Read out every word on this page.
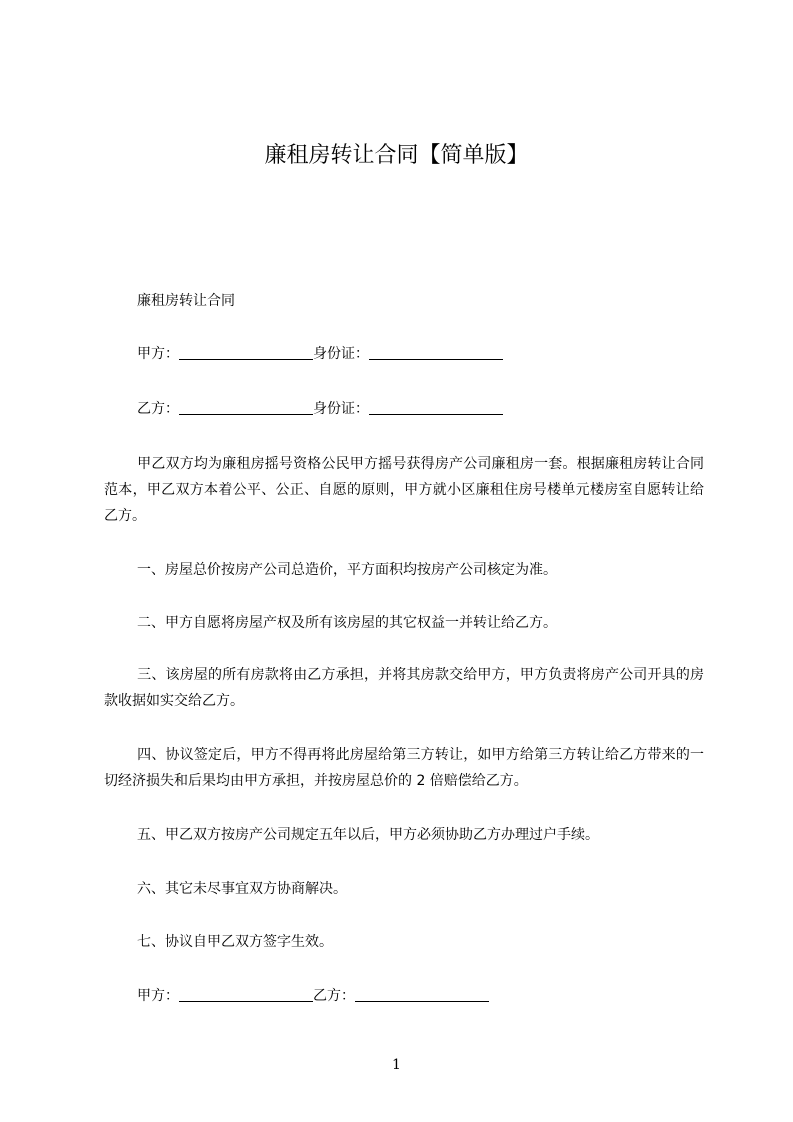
廉租房转让合同【简单版】
廉租房转让合同
甲方：	身份证：
乙方：	身份证：
甲乙双方均为廉租房摇号资格公民甲方摇号获得房产公司廉租房一套。根据廉租房转让合同范本，甲乙双方本着公平、公正、自愿的原则，甲方就小区廉租住房号楼单元楼房室自愿转让给乙方。
一、房屋总价按房产公司总造价，平方面积均按房产公司核定为准。
二、甲方自愿将房屋产权及所有该房屋的其它权益一并转让给乙方。
三、该房屋的所有房款将由乙方承担，并将其房款交给甲方，甲方负责将房产公司开具的房款收据如实交给乙方。
四、协议签定后，甲方不得再将此房屋给第三方转让，如甲方给第三方转让给乙方带来的一切经济损失和后果均由甲方承担，并按房屋总价的 2 倍赔偿给乙方。
五、甲乙双方按房产公司规定五年以后，甲方必须协助乙方办理过户手续。
六、其它未尽事宜双方协商解决。
七、协议自甲乙双方签字生效。
甲方：	乙方：
1
